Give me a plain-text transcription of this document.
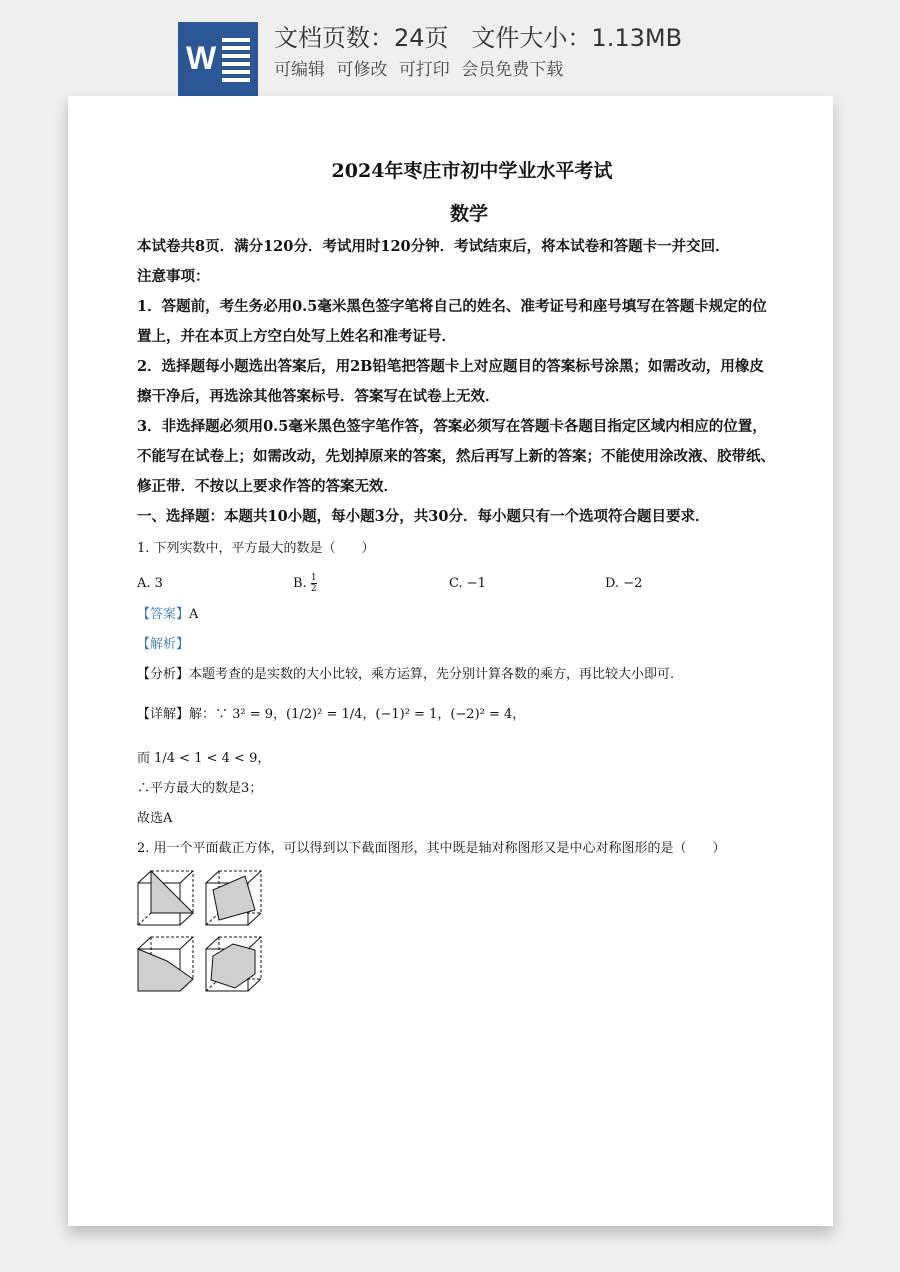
W
文档页数：24页   文件大小：1.13MB
可编辑 可修改 可打印 会员免费下载
2024年枣庄市初中学业水平考试
数学

本试卷共8页．满分120分．考试用时120分钟．考试结束后，将本试卷和答题卡一并交回．

注意事项：

1．答题前，考生务必用0.5毫米黑色签字笔将自己的姓名、准考证号和座号填写在答题卡规定的位置上，并在本页上方空白处写上姓名和准考证号．

2．选择题每小题选出答案后，用2B铅笔把答题卡上对应题目的答案标号涂黑；如需改动，用橡皮擦干净后，再选涂其他答案标号．答案写在试卷上无效．

3．非选择题必须用0.5毫米黑色签字笔作答，答案必须写在答题卡各题目指定区域内相应的位置，不能写在试卷上；如需改动，先划掉原来的答案，然后再写上新的答案；不能使用涂改液、胶带纸、修正带．不按以上要求作答的答案无效．

一、选择题：本题共10小题，每小题3分，共30分．每小题只有一个选项符合题目要求．

1. 下列实数中，平方最大的数是（　　）

A. 3	B. $\frac{1}{2}$	C. −1	D. −2

【答案】A

【解析】

【分析】本题考查的是实数的大小比较，乘方运算，先分别计算各数的乘方，再比较大小即可.

【详解】解：∵ 3² = 9，(1/2)² = 1/4，(−1)² = 1，(−2)² = 4，

而 1/4 < 1 < 4 < 9，

∴平方最大的数是3；

故选A

2. 用一个平面截正方体，可以得到以下截面图形，其中既是轴对称图形又是中心对称图形的是（　　）
